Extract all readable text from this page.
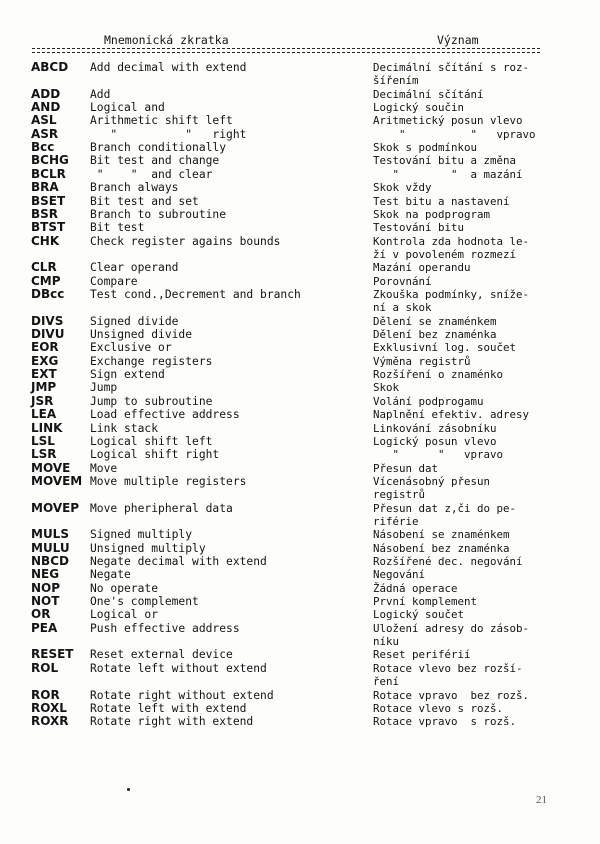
Mnemonická zkratka	Význam
ABCD Add decimal with extend	Decimální sčítání s roz-
šířením
ADD	Add	Decimální sčítání
AND	Logical and	Logický součin
ASL	Arithmetic shift left	Aritmetický posun vlevo
ASR	"          "   right	"          "   vpravo
Bcc	Branch conditionally	Skok s podmínkou
BCHG Bit test and change	Testování bitu a změna
BCLR "    "  and clear	"        "  a mazání
BRA	Branch always	Skok vždy
BSET Bit test and set	Test bitu a nastavení
BSR	Branch to subroutine	Skok na podprogram
BTST Bit test	Testování bitu
CHK	Check register agains bounds	Kontrola zda hodnota le-
ží v povoleném rozmezí
CLR	Clear operand	Mazání operandu
CMP	Compare	Porovnání
DBcc Test cond.,Decrement and branch	Zkouška podmínky, sníže-
ní a skok
DIVS Signed divide	Dělení se znaménkem
DIVU Unsigned divide	Dělení bez znaménka
EOR	Exclusive or	Exklusivní log. součet
EXG	Exchange registers	Výměna registrů
EXT	Sign extend	Rozšíření o znaménko
JMP	Jump	Skok
JSR	Jump to subroutine	Volání podprogamu
LEA	Load effective address	Naplnění efektiv. adresy
LINK Link stack	Linkování zásobníku
LSL	Logical shift left	Logický posun vlevo
LSR	Logical shift right	"      "   vpravo
MOVE Move	Přesun dat
MOVEM Move multiple registers	Vícenásobný přesun
registrů
MOVEP Move pheripheral data	Přesun dat z,či do pe-
riférie
MULS Signed multiply	Násobení se znaménkem
MULU Unsigned multiply	Násobení bez znaménka
NBCD Negate decimal with extend	Rozšířené dec. negování
NEG	Negate	Negování
NOP	No operate	Žádná operace
NOT	One's complement	První komplement
OR	Logical or	Logický součet
PEA	Push effective address	Uložení adresy do zásob-
níku
RESET Reset external device	Reset periférií
ROL	Rotate left without extend	Rotace vlevo bez rozší-
ření
ROR	Rotate right without extend	Rotace vpravo  bez rozš.
ROXL Rotate left with extend	Rotace vlevo s rozš.
ROXR Rotate right with extend	Rotace vpravo  s rozš.
21
